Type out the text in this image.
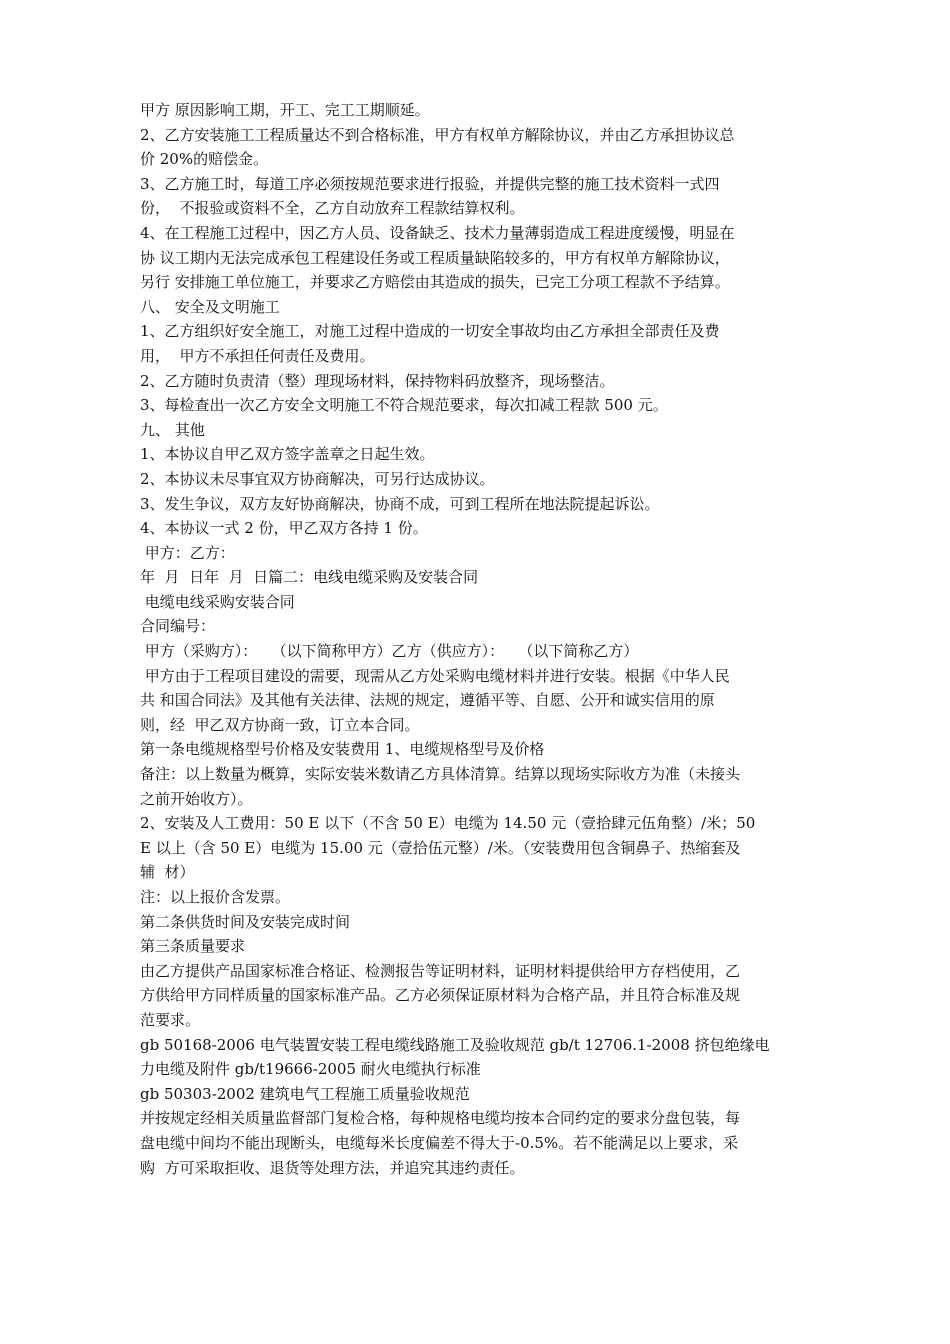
甲方 原因影响工期，开工、完工工期顺延。
2、乙方安装施工工程质量达不到合格标准，甲方有权单方解除协议，并由乙方承担协议总
价 20%的赔偿金。
3、乙方施工时，每道工序必须按规范要求进行报验，并提供完整的施工技术资料一式四
份，  不报验或资料不全，乙方自动放弃工程款结算权利。
4、在工程施工过程中，因乙方人员、设备缺乏、技术力量薄弱造成工程进度缓慢，明显在
协 议工期内无法完成承包工程建设任务或工程质量缺陷较多的，甲方有权单方解除协议，
另行 安排施工单位施工，并要求乙方赔偿由其造成的损失，已完工分项工程款不予结算。
八、 安全及文明施工
1、乙方组织好安全施工，对施工过程中造成的一切安全事故均由乙方承担全部责任及费
用，  甲方不承担任何责任及费用。
2、乙方随时负责清（整）理现场材料，保持物料码放整齐，现场整洁。
3、每检查出一次乙方安全文明施工不符合规范要求，每次扣减工程款 500 元。
九、 其他
1、本协议自甲乙双方签字盖章之日起生效。
2、本协议未尽事宜双方协商解决，可另行达成协议。
3、发生争议，双方友好协商解决，协商不成，可到工程所在地法院提起诉讼。
4、本协议一式 2 份，甲乙双方各持 1 份。
甲方：乙方：
年  月  日年  月  日篇二：电线电缆采购及安装合同
电缆电线采购安装合同
合同编号：
甲方（采购方）：   （以下简称甲方）乙方（供应方）：   （以下简称乙方）
甲方由于工程项目建设的需要，现需从乙方处采购电缆材料并进行安装。根据《中华人民
共 和国合同法》及其他有关法律、法规的规定，遵循平等、自愿、公开和诚实信用的原
则，经  甲乙双方协商一致，订立本合同。
第一条电缆规格型号价格及安装费用 1、电缆规格型号及价格
备注：以上数量为概算，实际安装米数请乙方具体清算。结算以现场实际收方为准（未接头
之前开始收方）。
2、安装及人工费用：50 E 以下（不含 50 E）电缆为 14.50 元（壹拾肆元伍角整）/米；50
E 以上（含 50 E）电缆为 15.00 元（壹拾伍元整）/米。（安装费用包含铜鼻子、热缩套及
辅  材）
注：以上报价含发票。
第二条供货时间及安装完成时间
第三条质量要求
由乙方提供产品国家标准合格证、检测报告等证明材料，证明材料提供给甲方存档使用，乙
方供给甲方同样质量的国家标准产品。乙方必须保证原材料为合格产品，并且符合标准及规
范要求。
gb 50168-2006 电气装置安装工程电缆线路施工及验收规范 gb/t 12706.1-2008 挤包绝缘电
力电缆及附件 gb/t19666-2005 耐火电缆执行标准
gb 50303-2002 建筑电气工程施工质量验收规范
并按规定经相关质量监督部门复检合格，每种规格电缆均按本合同约定的要求分盘包装，每
盘电缆中间均不能出现断头，电缆每米长度偏差不得大于-0.5%。若不能满足以上要求，采
购  方可采取拒收、退货等处理方法，并追究其违约责任。
